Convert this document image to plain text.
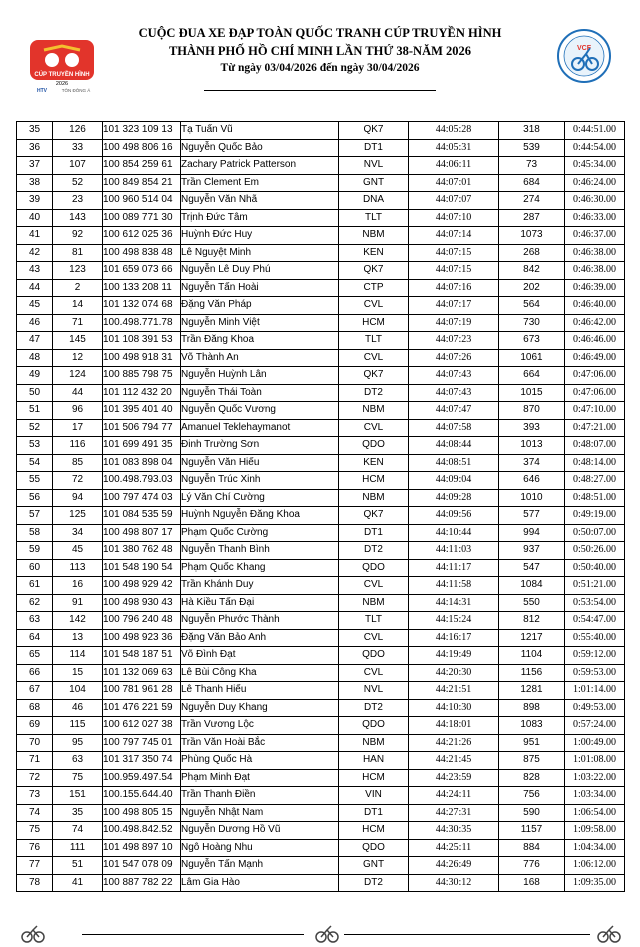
CÚP TRUYỀN HÌNH
2026
HTV	TÔN ĐÔNG Á
CUỘC ĐUA XE ĐẠP TOÀN QUỐC TRANH CÚP TRUYỀN HÌNH
THÀNH PHỐ HỒ CHÍ MINH LẦN THỨ 38-NĂM 2026
Từ ngày 03/04/2026 đến ngày 30/04/2026
VCF
35	126	101 323 109 13	Tạ Tuấn Vũ	QK7	44:05:28	318	0:44:51.00
36	33	100 498 806 16	Nguyễn Quốc Bảo	DT1	44:05:31	539	0:44:54.00
37	107	100 854 259 61	Zachary Patrick Patterson	NVL	44:06:11	73	0:45:34.00
38	52	100 849 854 21	Trần Clement Em	GNT	44:07:01	684	0:46:24.00
39	23	100 960 514 04	Nguyễn Văn Nhã	DNA	44:07:07	274	0:46:30.00
40	143	100 089 771 30	Trịnh Đức Tâm	TLT	44:07:10	287	0:46:33.00
41	92	100 612 025 36	Huỳnh Đức Huy	NBM	44:07:14	1073	0:46:37.00
42	81	100 498 838 48	Lê Nguyệt Minh	KEN	44:07:15	268	0:46:38.00
43	123	101 659 073 66	Nguyễn Lê Duy Phú	QK7	44:07:15	842	0:46:38.00
44	2	100 133 208 11	Nguyễn Tấn Hoài	CTP	44:07:16	202	0:46:39.00
45	14	101 132 074 68	Đặng Văn Pháp	CVL	44:07:17	564	0:46:40.00
46	71	100.498.771.78	Nguyễn Minh Việt	HCM	44:07:19	730	0:46:42.00
47	145	101 108 391 53	Trần Đăng Khoa	TLT	44:07:23	673	0:46:46.00
48	12	100 498 918 31	Võ Thành An	CVL	44:07:26	1061	0:46:49.00
49	124	100 885 798 75	Nguyễn Huỳnh Lân	QK7	44:07:43	664	0:47:06.00
50	44	101 112 432 20	Nguyễn Thái Toàn	DT2	44:07:43	1015	0:47:06.00
51	96	101 395 401 40	Nguyễn Quốc Vương	NBM	44:07:47	870	0:47:10.00
52	17	101 506 794 77	Amanuel Teklehaymanot	CVL	44:07:58	393	0:47:21.00
53	116	101 699 491 35	Đinh Trường Sơn	QDO	44:08:44	1013	0:48:07.00
54	85	101 083 898 04	Nguyễn Văn Hiếu	KEN	44:08:51	374	0:48:14.00
55	72	100.498.793.03	Nguyễn Trúc Xinh	HCM	44:09:04	646	0:48:27.00
56	94	100 797 474 03	Lý Văn Chí Cường	NBM	44:09:28	1010	0:48:51.00
57	125	101 084 535 59	Huỳnh Nguyễn Đăng Khoa	QK7	44:09:56	577	0:49:19.00
58	34	100 498 807 17	Phạm Quốc Cường	DT1	44:10:44	994	0:50:07.00
59	45	101 380 762 48	Nguyễn Thanh Bình	DT2	44:11:03	937	0:50:26.00
60	113	101 548 190 54	Phạm Quốc Khang	QDO	44:11:17	547	0:50:40.00
61	16	100 498 929 42	Trần Khánh Duy	CVL	44:11:58	1084	0:51:21.00
62	91	100 498 930 43	Hà Kiều Tấn Đại	NBM	44:14:31	550	0:53:54.00
63	142	100 796 240 48	Nguyễn Phước Thành	TLT	44:15:24	812	0:54:47.00
64	13	100 498 923 36	Đặng Văn Bảo Anh	CVL	44:16:17	1217	0:55:40.00
65	114	101 548 187 51	Võ Đình Đạt	QDO	44:19:49	1104	0:59:12.00
66	15	101 132 069 63	Lê Bùi Công Kha	CVL	44:20:30	1156	0:59:53.00
67	104	100 781 961 28	Lê Thanh Hiếu	NVL	44:21:51	1281	1:01:14.00
68	46	101 476 221 59	Nguyễn Duy Khang	DT2	44:10:30	898	0:49:53.00
69	115	100 612 027 38	Trần Vương Lộc	QDO	44:18:01	1083	0:57:24.00
70	95	100 797 745 01	Trần Văn Hoài Bắc	NBM	44:21:26	951	1:00:49.00
71	63	101 317 350 74	Phùng Quốc Hà	HAN	44:21:45	875	1:01:08.00
72	75	100.959.497.54	Phạm Minh Đạt	HCM	44:23:59	828	1:03:22.00
73	151	100.155.644.40	Trần Thanh Điền	VIN	44:24:11	756	1:03:34.00
74	35	100 498 805 15	Nguyễn Nhật Nam	DT1	44:27:31	590	1:06:54.00
75	74	100.498.842.52	Nguyễn Dương Hồ Vũ	HCM	44:30:35	1157	1:09:58.00
76	111	101 498 897 10	Ngô Hoàng Nhu	QDO	44:25:11	884	1:04:34.00
77	51	101 547 078 09	Nguyễn Tấn Mạnh	GNT	44:26:49	776	1:06:12.00
78	41	100 887 782 22	Lâm Gia Hào	DT2	44:30:12	168	1:09:35.00
